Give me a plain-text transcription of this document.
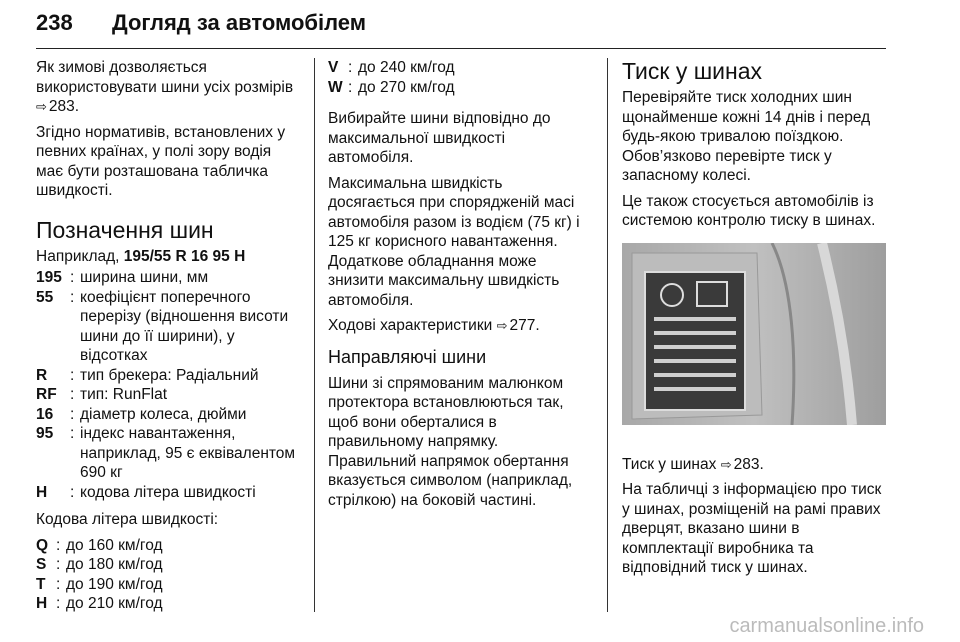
238 Догляд за автомобілем

Як зимові дозволяється використовувати шини усіх розмірів ⇨ 283.

Згідно нормативів, встановлених у певних країнах, у полі зору водія має бути розташована табличка швидкості.

Позначення шин

Наприклад, 195/55 R 16 95 H

195 : ширина шини, мм
55	: коефіцієнт поперечного перерізу (відношення висоти шини до її ширини), у відсотках
R	: тип брекера: Радіальний
RF : тип: RunFlat
16	: діаметр колеса, дюйми
95	: індекс навантаження, наприклад, 95 є еквівалентом 690 кг
H	: кодова літера швидкості

Кодова літера швидкості:

Q : до 160 км/год
S : до 180 км/год
T : до 190 км/год
H : до 210 км/год
V : до 240 км/год
W : до 270 км/год

Вибирайте шини відповідно до максимальної швидкості автомобіля.

Максимальна швидкість досягається при спорядженій масі автомобіля разом із водієм (75 кг) і 125 кг корисного навантаження. Додаткове обладнання може знизити максимальну швидкість автомобіля.

Ходові характеристики ⇨ 277.

Направляючі шини

Шини зі спрямованим малюнком протектора встановлюються так, щоб вони оберталися в правильному напрямку.

Правильний напрямок обертання вказується символом (наприклад, стрілкою) на боковій частині.

Тиск у шинах

Перевіряйте тиск холодних шин щонайменше кожні 14 днів і перед будь-якою тривалою поїздкою. Обов’язково перевірте тиск у запасному колесі.

Це також стосується автомобілів із системою контролю тиску в шинах.

Тиск у шинах ⇨ 283.

На табличці з інформацією про тиск у шинах, розміщеній на рамі правих дверцят, вказано шини в комплектації виробника та відповідний тиск у шинах.

carmanualsonline.info
